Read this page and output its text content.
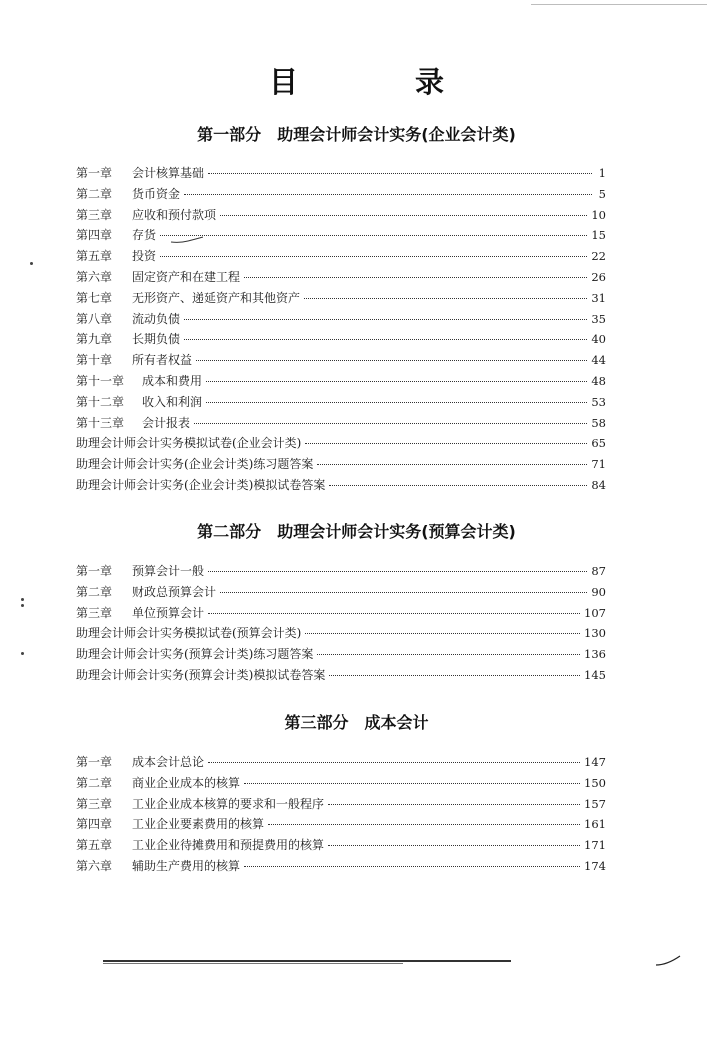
目　录
第一部分 助理会计师会计实务(企业会计类)
第一章	会计核算基础	1
第二章	货币资金	5
第三章	应收和预付款项	10
第四章	存货	15
第五章	投资	22
第六章	固定资产和在建工程	26
第七章	无形资产、递延资产和其他资产	31
第八章	流动负债	35
第九章	长期负债	40
第十章	所有者权益	44
第十一章	成本和费用	48
第十二章	收入和利润	53
第十三章	会计报表	58
助理会计师会计实务模拟试卷(企业会计类)	65
助理会计师会计实务(企业会计类)练习题答案	71
助理会计师会计实务(企业会计类)模拟试卷答案	84
第二部分 助理会计师会计实务(预算会计类)
第一章	预算会计一般	87
第二章	财政总预算会计	90
第三章	单位预算会计	107
助理会计师会计实务模拟试卷(预算会计类)	130
助理会计师会计实务(预算会计类)练习题答案	136
助理会计师会计实务(预算会计类)模拟试卷答案	145
第三部分 成本会计
第一章	成本会计总论	147
第二章	商业企业成本的核算	150
第三章	工业企业成本核算的要求和一般程序	157
第四章	工业企业要素费用的核算	161
第五章	工业企业待摊费用和预提费用的核算	171
第六章	辅助生产费用的核算	174
